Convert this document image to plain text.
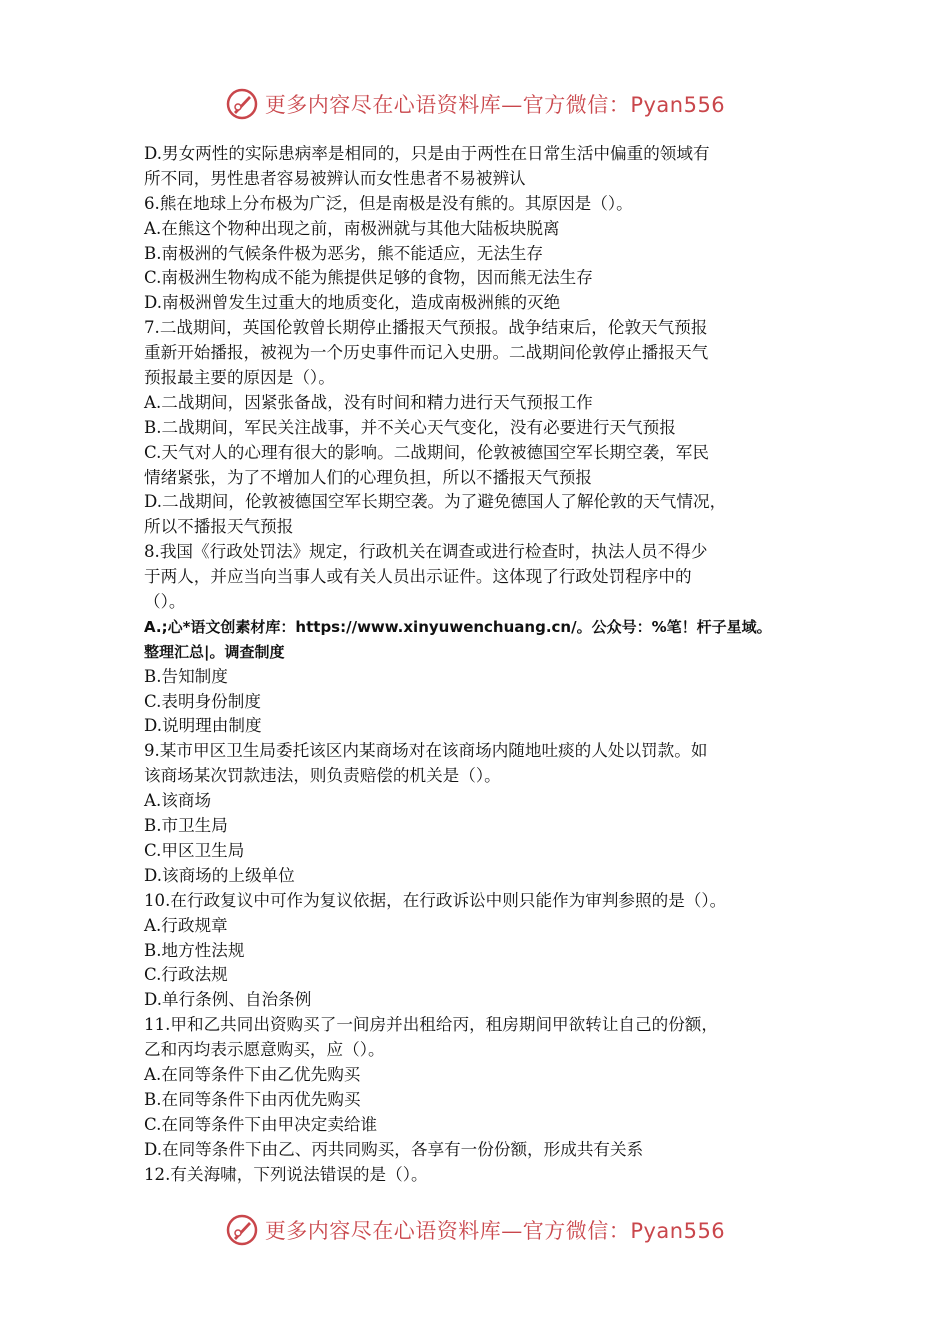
更多内容尽在心语资料库—官方微信：Pyan556
D.男女两性的实际患病率是相同的，只是由于两性在日常生活中偏重的领域有
所不同，男性患者容易被辨认而女性患者不易被辨认
6.熊在地球上分布极为广泛，但是南极是没有熊的。其原因是（）。
A.在熊这个物种出现之前，南极洲就与其他大陆板块脱离
B.南极洲的气候条件极为恶劣，熊不能适应，无法生存
C.南极洲生物构成不能为熊提供足够的食物，因而熊无法生存
D.南极洲曾发生过重大的地质变化，造成南极洲熊的灭绝
7.二战期间，英国伦敦曾长期停止播报天气预报。战争结束后，伦敦天气预报
重新开始播报，被视为一个历史事件而记入史册。二战期间伦敦停止播报天气
预报最主要的原因是（）。
A.二战期间，因紧张备战，没有时间和精力进行天气预报工作
B.二战期间，军民关注战事，并不关心天气变化，没有必要进行天气预报
C.天气对人的心理有很大的影响。二战期间，伦敦被德国空军长期空袭，军民
情绪紧张，为了不增加人们的心理负担，所以不播报天气预报
D.二战期间，伦敦被德国空军长期空袭。为了避免德国人了解伦敦的天气情况，
所以不播报天气预报
8.我国《行政处罚法》规定，行政机关在调查或进行检查时，执法人员不得少
于两人，并应当向当事人或有关人员出示证件。这体现了行政处罚程序中的
（）。
A.;心*语文创素材库：https://www.xinyuwenchuang.cn/。公众号：%笔！杆子星域。
整理汇总|。调查制度
B.告知制度
C.表明身份制度
D.说明理由制度
9.某市甲区卫生局委托该区内某商场对在该商场内随地吐痰的人处以罚款。如
该商场某次罚款违法，则负责赔偿的机关是（）。
A.该商场
B.市卫生局
C.甲区卫生局
D.该商场的上级单位
10.在行政复议中可作为复议依据，在行政诉讼中则只能作为审判参照的是（）。
A.行政规章
B.地方性法规
C.行政法规
D.单行条例、自治条例
11.甲和乙共同出资购买了一间房并出租给丙，租房期间甲欲转让自己的份额，
乙和丙均表示愿意购买，应（）。
A.在同等条件下由乙优先购买
B.在同等条件下由丙优先购买
C.在同等条件下由甲决定卖给谁
D.在同等条件下由乙、丙共同购买，各享有一份份额，形成共有关系
12.有关海啸，下列说法错误的是（）。
更多内容尽在心语资料库—官方微信：Pyan556
